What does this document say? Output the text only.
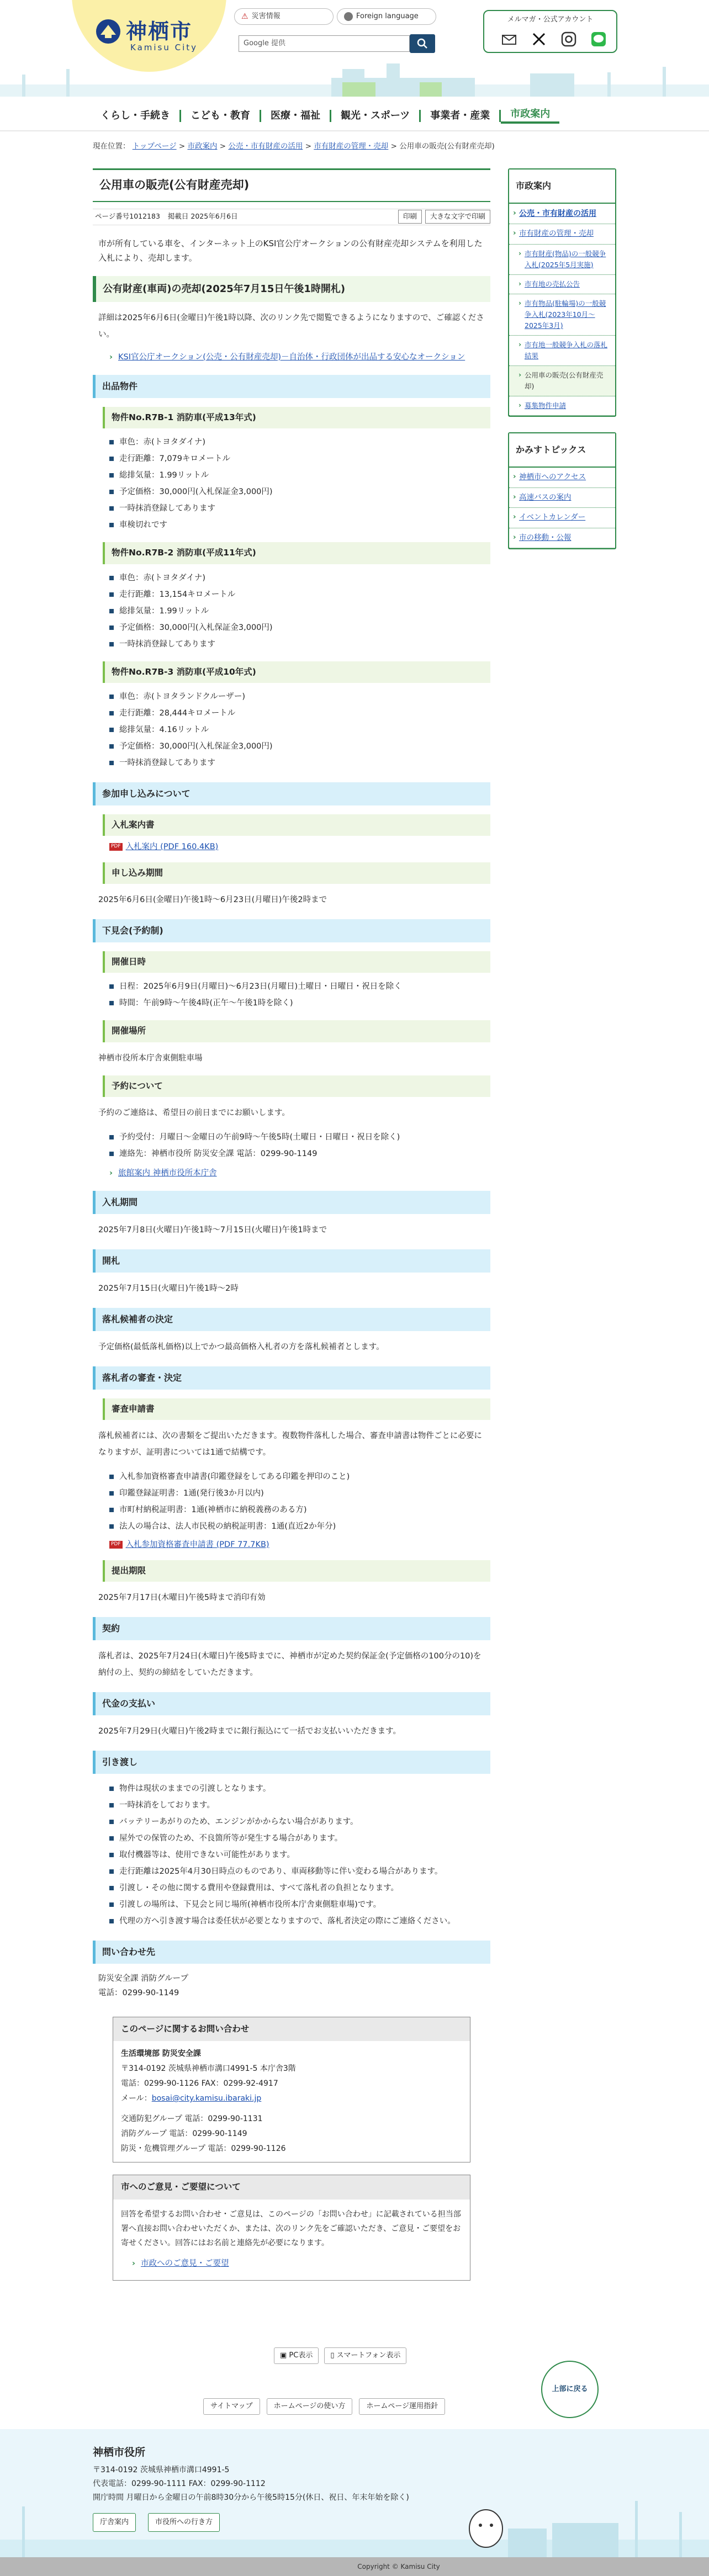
神栖市
Kamisu City
⚠ 災害情報	Foreign language
Google 提供
メルマガ・公式アカウント
くらし・手続き	こども・教育	医療・福祉	観光・スポーツ	事業者・産業	市政案内
現在位置： トップページ > 市政案内 > 公売・市有財産の活用 > 市有財産の管理・売却 > 公用車の販売(公有財産売却)
公用車の販売(公有財産売却)
ページ番号1012183 掲載日 2025年6月6日	印刷	大きな文字で印刷

市が所有している車を、インターネット上のKSI官公庁オークションの公有財産売却システムを利用した入札により、売却します。

公有財産(車両)の売却(2025年7月15日午後1時開札)

詳細は2025年6月6日(金曜日)午後1時以降、次のリンク先で閲覧できるようになりますので、ご確認ください。

› KSI官公庁オークション(公売・公有財産売却)－自治体・行政団体が出品する安心なオークション
出品物件
物件No.R7B-1 消防車(平成13年式)
車色：赤(トヨタダイナ)
走行距離：7,079キロメートル
総排気量：1.99リットル
予定価格：30,000円(入札保証金3,000円)
一時抹消登録してあります
車検切れです
物件No.R7B-2 消防車(平成11年式)
車色：赤(トヨタダイナ)
走行距離：13,154キロメートル
総排気量：1.99リットル
予定価格：30,000円(入札保証金3,000円)
一時抹消登録してあります
物件No.R7B-3 消防車(平成10年式)
車色：赤(トヨタランドクルーザー)
走行距離：28,444キロメートル
総排気量：4.16リットル
予定価格：30,000円(入札保証金3,000円)
一時抹消登録してあります
参加申し込みについて
入札案内書
PDF 入札案内 (PDF 160.4KB)
申し込み期間

2025年6月6日(金曜日)午後1時～6月23日(月曜日)午後2時まで

下見会(予約制)
開催日時
日程：2025年6月9日(月曜日)～6月23日(月曜日)土曜日・日曜日・祝日を除く
時間：午前9時～午後4時(正午～午後1時を除く)
開催場所

神栖市役所本庁舎東側駐車場

予約について

予約のご連絡は、希望日の前日までにお願いします。

予約受付：月曜日～金曜日の午前9時～午後5時(土曜日・日曜日・祝日を除く)
連絡先：神栖市役所 防災安全課 電話：0299-90-1149
› 旅館案内 神栖市役所本庁舎
入札期間

2025年7月8日(火曜日)午後1時～7月15日(火曜日)午後1時まで

開札

2025年7月15日(火曜日)午後1時～2時

落札候補者の決定

予定価格(最低落札価格)以上でかつ最高価格入札者の方を落札候補者とします。

落札者の審査・決定
審査申請書

落札候補者には、次の書類をご提出いただきます。複数物件落札した場合、審査申請書は物件ごとに必要になりますが、証明書については1通で結構です。

入札参加資格審査申請書(印鑑登録をしてある印鑑を押印のこと)
印鑑登録証明書：1通(発行後3か月以内)
市町村納税証明書：1通(神栖市に納税義務のある方)
法人の場合は、法人市民税の納税証明書：1通(直近2か年分)
PDF 入札参加資格審査申請書 (PDF 77.7KB)
提出期限

2025年7月17日(木曜日)午後5時まで消印有効

契約

落札者は、2025年7月24日(木曜日)午後5時までに、神栖市が定めた契約保証金(予定価格の100分の10)を納付の上、契約の締結をしていただきます。

代金の支払い

2025年7月29日(火曜日)午後2時までに銀行振込にて一括でお支払いいただきます。

引き渡し
物件は現状のままでの引渡しとなります。
一時抹消をしております。
バッテリーあがりのため、エンジンがかからない場合があります。
屋外での保管のため、不良箇所等が発生する場合があります。
取付機器等は、使用できない可能性があります。
走行距離は2025年4月30日時点のものであり、車両移動等に伴い変わる場合があります。
引渡し・その他に関する費用や登録費用は、すべて落札者の負担となります。
引渡しの場所は、下見会と同じ場所(神栖市役所本庁舎東側駐車場)です。
代理の方へ引き渡す場合は委任状が必要となりますので、落札者決定の際にご連絡ください。
問い合わせ先
防災安全課 消防グループ
電話：0299-90-1149
このページに関するお問い合わせ
生活環境部 防災安全課
〒314-0192 茨城県神栖市溝口4991-5 本庁舎3階
電話：0299-90-1126 FAX：0299-92-4917
メール：bosai@city.kamisu.ibaraki.jp
交通防犯グループ 電話：0299-90-1131
消防グループ 電話：0299-90-1149
防災・危機管理グループ 電話：0299-90-1126
市へのご意見・ご要望について
回答を希望するお問い合わせ・ご意見は、このページの「お問い合わせ」に記載されている担当部署へ直接お問い合わせいただくか、または、次のリンク先をご確認いただき、ご意見・ご要望をお寄せください。回答にはお名前と連絡先が必要になります。
› 市政へのご意見・ご要望
市政案内
› 公売・市有財産の活用
› 市有財産の管理・売却
› 市有財産(物品)の一般競争入札(2025年5月実施)
› 市有地の売払公告
› 市有物品(駐輪場)の一般競争入札(2023年10月～2025年3月)
› 市有地一般競争入札の落札結果
› 公用車の販売(公有財産売却)
› 募集物件申請
かみすトピックス
› 神栖市へのアクセス
› 高速バスの案内
› イベントカレンダー
› 市の移動・公報
▣ PC表示	▯ スマートフォン表示
上部に戻る
サイトマップ	ホームページの使い方	ホームページ運用指針
神栖市役所
〒314-0192 茨城県神栖市溝口4991-5
代表電話：0299-90-1111 FAX：0299-90-1112
開庁時間 月曜日から金曜日の午前8時30分から午後5時15分(休日、祝日、年末年始を除く)
庁舎案内	市役所への行き方
Copyright © Kamisu City
